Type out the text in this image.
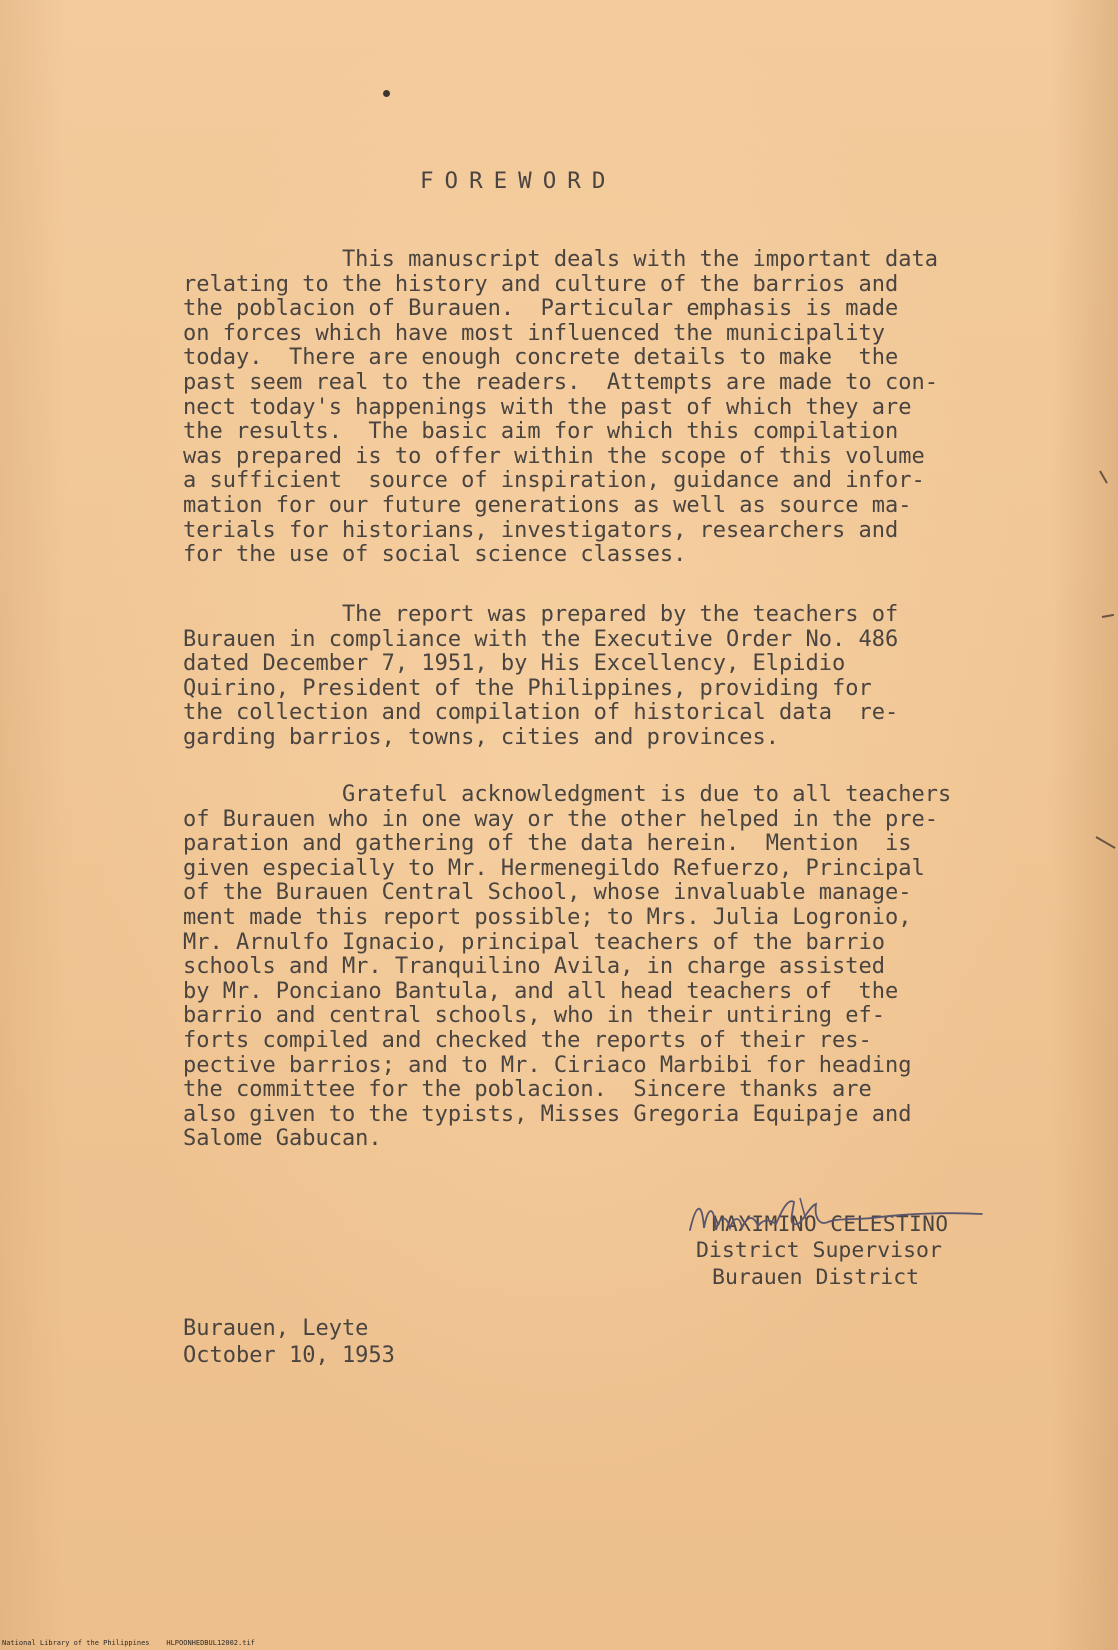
FOREWORD

This manuscript deals with the important data
relating to the history and culture of the barrios and
the poblacion of Burauen.  Particular emphasis is made
on forces which have most influenced the municipality
today.  There are enough concrete details to make  the
past seem real to the readers.  Attempts are made to con-
nect today's happenings with the past of which they are
the results.  The basic aim for which this compilation
was prepared is to offer within the scope of this volume
a sufficient  source of inspiration, guidance and infor-
mation for our future generations as well as source ma-
terials for historians, investigators, researchers and
for the use of social science classes.

The report was prepared by the teachers of
Burauen in compliance with the Executive Order No. 486
dated December 7, 1951, by His Excellency, Elpidio
Quirino, President of the Philippines, providing for
the collection and compilation of historical data  re-
garding barrios, towns, cities and provinces.

Grateful acknowledgment is due to all teachers
of Burauen who in one way or the other helped in the pre-
paration and gathering of the data herein.  Mention  is
given especially to Mr. Hermenegildo Refuerzo, Principal
of the Burauen Central School, whose invaluable manage-
ment made this report possible; to Mrs. Julia Logronio,
Mr. Arnulfo Ignacio, principal teachers of the barrio
schools and Mr. Tranquilino Avila, in charge assisted
by Mr. Ponciano Bantula, and all head teachers of  the
barrio and central schools, who in their untiring ef-
forts compiled and checked the reports of their res-
pective barrios; and to Mr. Ciriaco Marbibi for heading
the committee for the poblacion.  Sincere thanks are
also given to the typists, Misses Gregoria Equipaje and
Salome Gabucan.

MAXIMINO CELESTINO

District Supervisor

Burauen District

Burauen, Leyte
October 10, 1953
National Library of the Philippines HLPOONHEDBUL12002.tif
